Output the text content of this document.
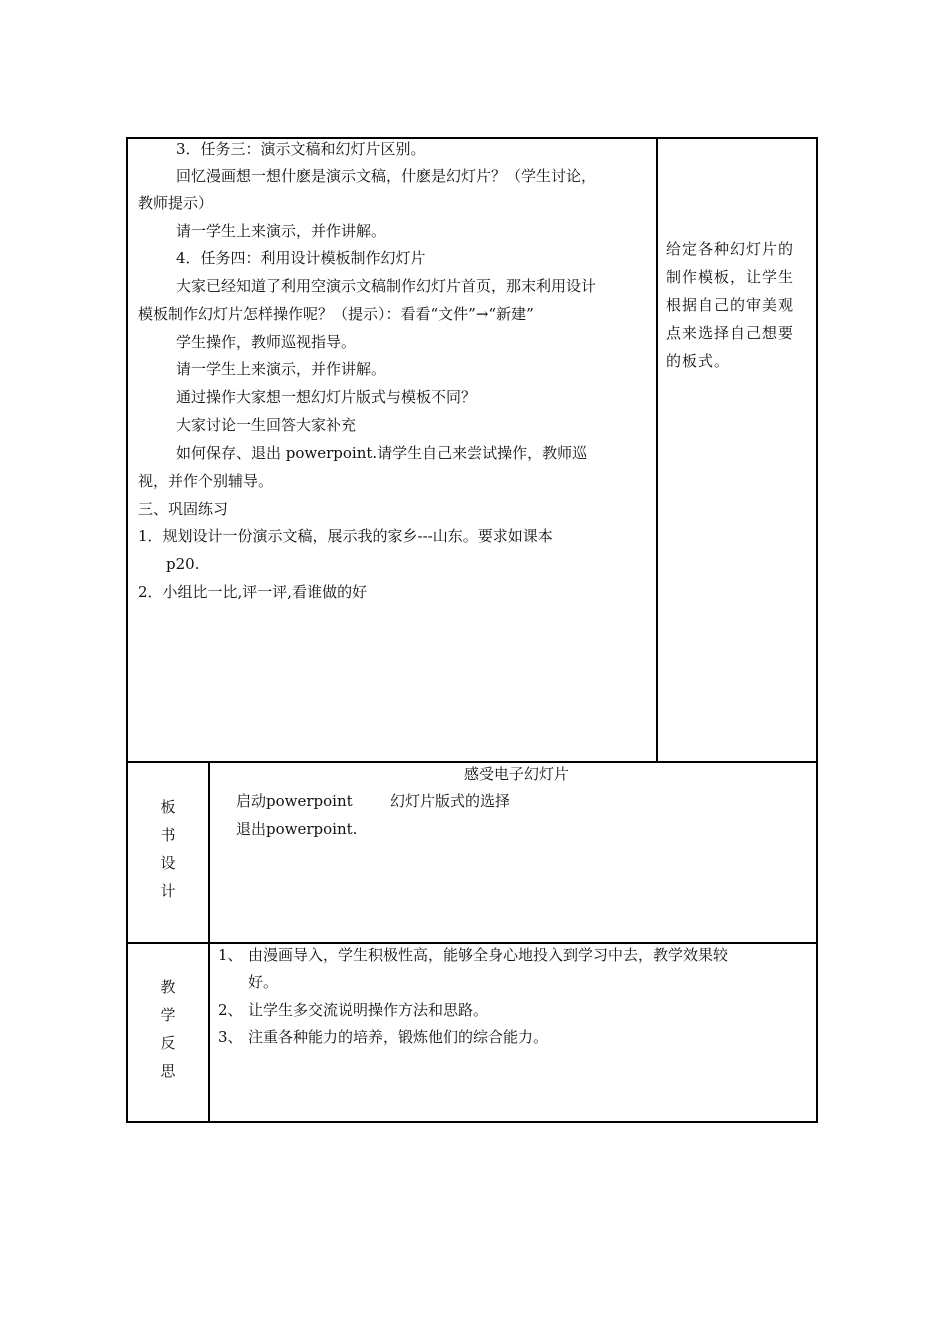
3．任务三：演示文稿和幻灯片区别。
回忆漫画想一想什麽是演示文稿，什麽是幻灯片？（学生讨论，
教师提示）
请一学生上来演示，并作讲解。
4．任务四：利用设计模板制作幻灯片
大家已经知道了利用空演示文稿制作幻灯片首页，那末利用设计
模板制作幻灯片怎样操作呢？（提示）：看看“文件”→“新建”
学生操作，教师巡视指导。
请一学生上来演示，并作讲解。
通过操作大家想一想幻灯片版式与模板不同？
大家讨论一生回答大家补充
如何保存、退出 powerpoint.请学生自己来尝试操作，教师巡
视，并作个别辅导。
三、巩固练习
1．规划设计一份演示文稿，展示我的家乡---山东。要求如课本
p20.
2．小组比一比,评一评,看谁做的好
给定各种幻灯片的
制作模板，让学生
根据自己的审美观
点来选择自己想要
的板式。
板
书
设
计
感受电子幻灯片
启动powerpoint 幻灯片版式的选择
退出powerpoint.
教
学
反
思
1、 由漫画导入，学生积极性高，能够全身心地投入到学习中去，教学效果较
好。
2、 让学生多交流说明操作方法和思路。
3、 注重各种能力的培养，锻炼他们的综合能力。
